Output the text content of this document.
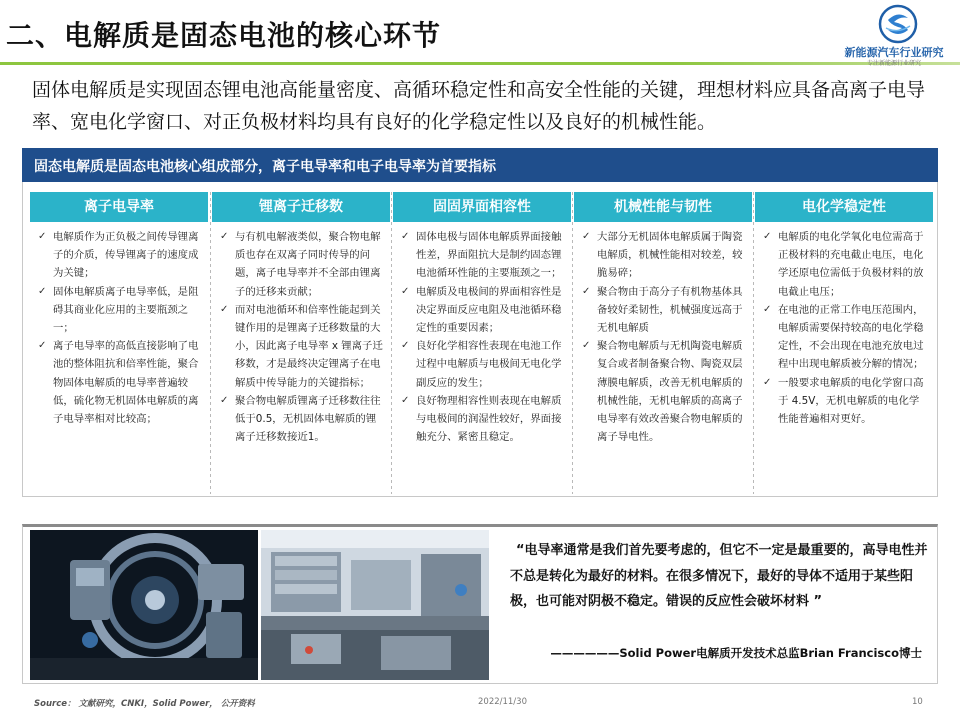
二、电解质是固态电池的核心环节
新能源汽车行业研究
专注新能源行业研究
固体电解质是实现固态锂电池高能量密度、高循环稳定性和高安全性能的关键，理想材料应具备高离子电导率、宽电化学窗口、对正负极材料均具有良好的化学稳定性以及良好的机械性能。
固态电解质是固态电池核心组成部分，离子电导率和电子电导率为首要指标
离子电导率
✓ 电解质作为正负极之间传导锂离子的介质，传导锂离子的速度成为关键；
✓ 固体电解质离子电导率低，是阻碍其商业化应用的主要瓶颈之一；
✓ 离子电导率的高低直接影响了电池的整体阻抗和倍率性能，聚合物固体电解质的电导率普遍较低，硫化物无机固体电解质的离子电导率相对比较高；
锂离子迁移数
✓ 与有机电解液类似，聚合物电解质也存在双离子同时传导的问题，离子电导率并不全部由锂离子的迁移来贡献；
✓ 而对电池循环和倍率性能起到关键作用的是锂离子迁移数量的大小，因此离子电导率 x 锂离子迁移数，才是最终决定锂离子在电解质中传导能力的关键指标；
✓ 聚合物电解质锂离子迁移数往往低于0.5，无机固体电解质的锂离子迁移数接近1。
固固界面相容性
✓ 固体电极与固体电解质界面接触性差，界面阻抗大是制约固态锂电池循环性能的主要瓶颈之一；
✓ 电解质及电极间的界面相容性是决定界面反应电阻及电池循环稳定性的重要因素；
✓ 良好化学相容性表现在电池工作过程中电解质与电极间无电化学副反应的发生；
✓ 良好物理相容性则表现在电解质与电极间的润湿性较好，界面接触充分、紧密且稳定。
机械性能与韧性
✓ 大部分无机固体电解质属于陶瓷电解质，机械性能相对较差，较脆易碎；
✓ 聚合物由于高分子有机物基体具备较好柔韧性，机械强度远高于无机电解质
✓ 聚合物电解质与无机陶瓷电解质复合或者制备聚合物、陶瓷双层薄膜电解质，改善无机电解质的机械性能，无机电解质的高离子电导率有效改善聚合物电解质的离子导电性。
电化学稳定性
✓ 电解质的电化学氧化电位需高于正极材料的充电截止电压，电化学还原电位需低于负极材料的放电截止电压；
✓ 在电池的正常工作电压范围内，电解质需要保持较高的电化学稳定性，不会出现在电池充放电过程中出现电解质被分解的情况；
✓ 一般要求电解质的电化学窗口高于 4.5V，无机电解质的电化学性能普遍相对更好。
“电导率通常是我们首先要考虑的，但它不一定是最重要的，高导电性并不总是转化为最好的材料。在很多情况下，最好的导体不适用于某些阳极，也可能对阴极不稳定。错误的反应性会破坏材料 ”
——————Solid Power电解质开发技术总监Brian Francisco博士
Source： 文献研究，CNKI，Solid Power， 公开资料	2022/11/30	10
